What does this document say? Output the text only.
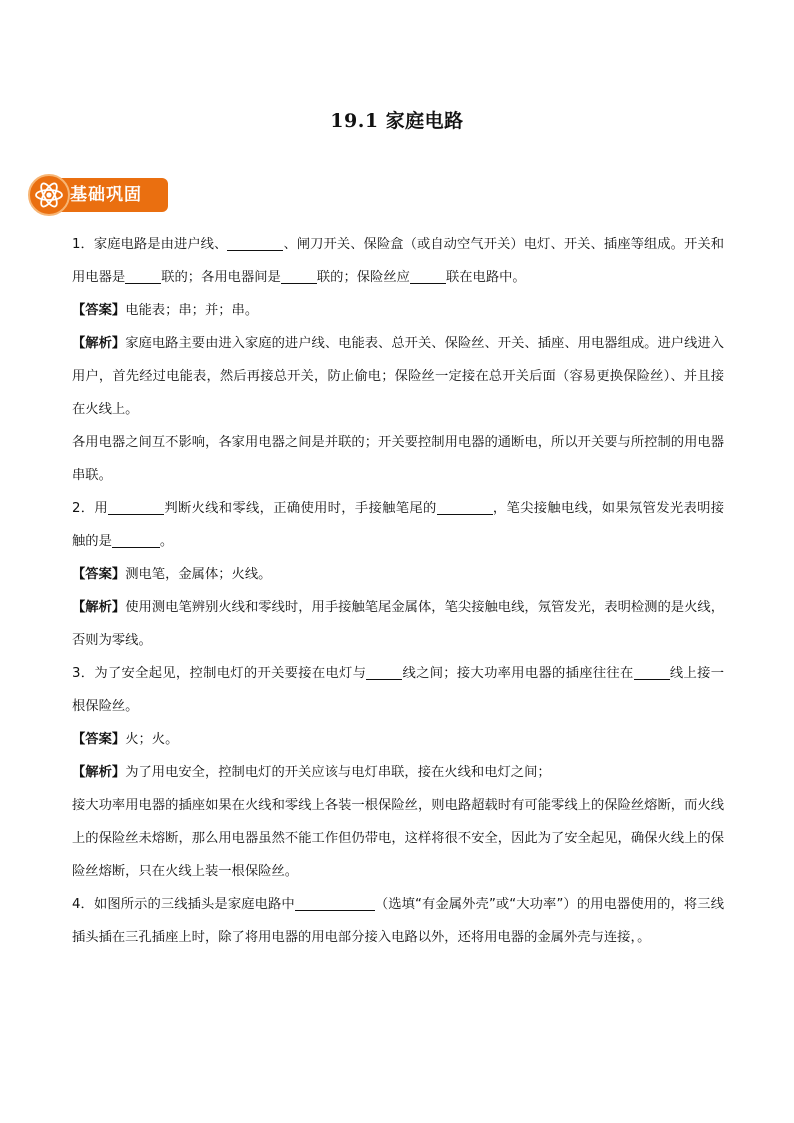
19.1 家庭电路
基础巩固

1．家庭电路是由进户线、	、闸刀开关、保险盒（或自动空气开关）电灯、开关、插座等组成。开关和用电器是	联的；各用电器间是	联的；保险丝应	联在电路中。

【答案】电能表；串；并；串。

【解析】家庭电路主要由进入家庭的进户线、电能表、总开关、保险丝、开关、插座、用电器组成。进户线进入用户，首先经过电能表，然后再接总开关，防止偷电；保险丝一定接在总开关后面（容易更换保险丝）、并且接在火线上。

各用电器之间互不影响，各家用电器之间是并联的；开关要控制用电器的通断电，所以开关要与所控制的用电器串联。

2．用	判断火线和零线，正确使用时，手接触笔尾的	，笔尖接触电线，如果氖管发光表明接触的是	。

【答案】测电笔，金属体；火线。

【解析】使用测电笔辨别火线和零线时，用手接触笔尾金属体，笔尖接触电线，氖管发光，表明检测的是火线，否则为零线。

3．为了安全起见，控制电灯的开关要接在电灯与	线之间；接大功率用电器的插座往往在	线上接一根保险丝。

【答案】火；火。

【解析】为了用电安全，控制电灯的开关应该与电灯串联，接在火线和电灯之间；

接大功率用电器的插座如果在火线和零线上各装一根保险丝，则电路超载时有可能零线上的保险丝熔断，而火线上的保险丝未熔断，那么用电器虽然不能工作但仍带电，这样将很不安全，因此为了安全起见，确保火线上的保险丝熔断，只在火线上装一根保险丝。

4．如图所示的三线插头是家庭电路中	（选填“有金属外壳”或“大功率”）的用电器使用的，将三线插头插在三孔插座上时，除了将用电器的用电部分接入电路以外，还将用电器的金属外壳与连接，。
